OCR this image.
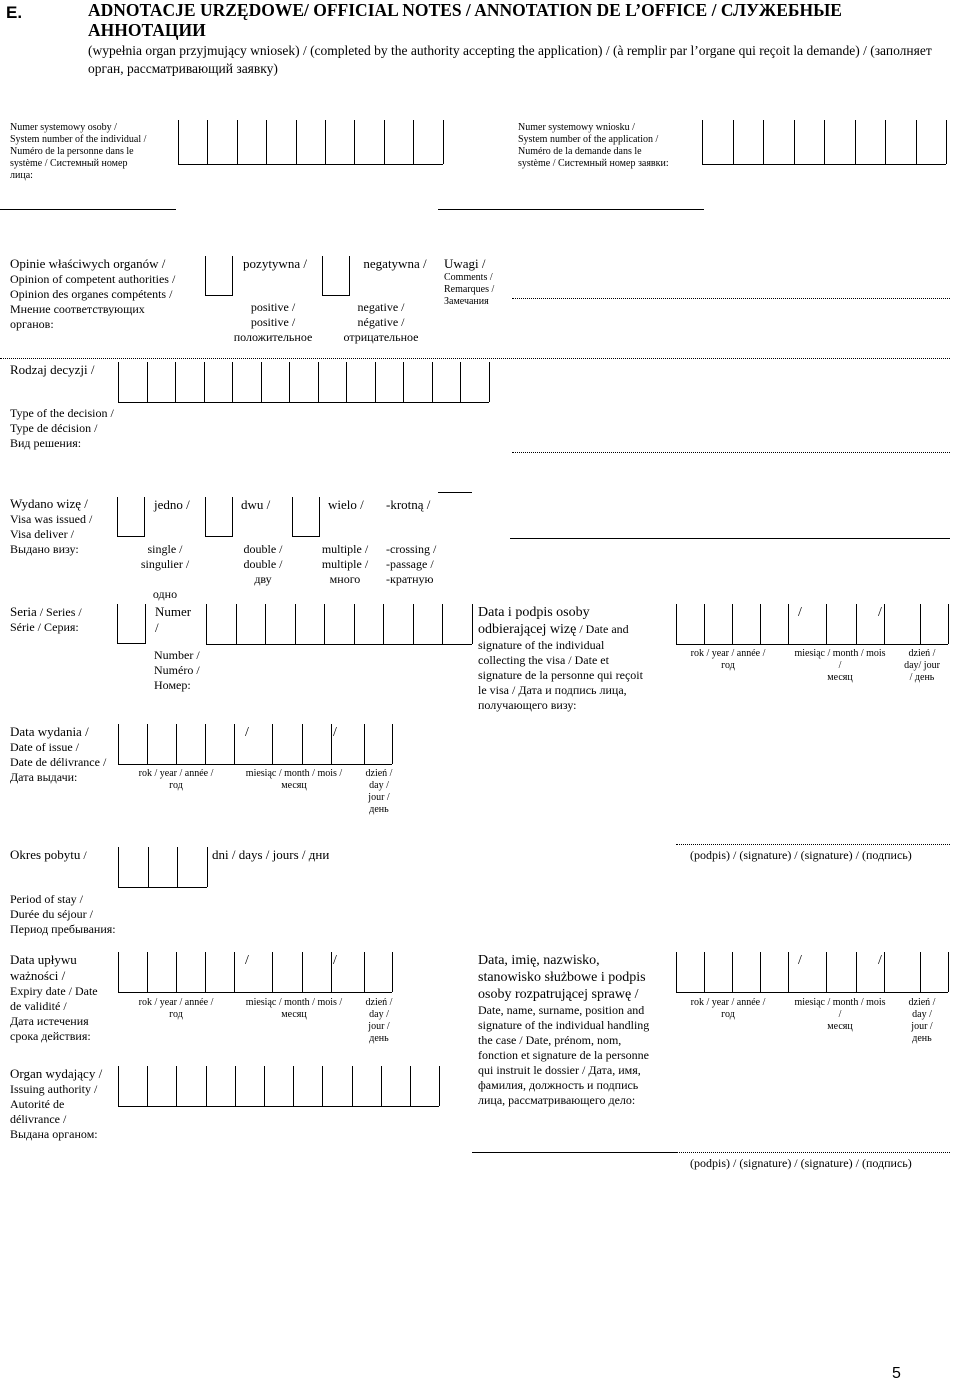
E.	ADNOTACJE URZĘDOWE/ OFFICIAL NOTES / ANNOTATION DE L’OFFICE / СЛУЖЕБНЫЕ АННОТАЦИИ
(wypełnia organ przyjmujący wniosek) / (completed by the authority accepting the application) / (à remplir par l’organe qui reçoit la demande) / (заполняет орган, рассматривающий заявку)
Numer systemowy osoby /
System number of the individual /
Numéro de la personne dans le
système / Системный номер
лица:
Numer systemowy wniosku /
System number of the application /
Numéro de la demande dans le
système / Системный номер заявки:
Opinie właściwych organów /
Opinion of competent authorities /
Opinion des organes compétents /
Мнение соответствующих
органов:
pozytywna /
positive /
positive /
положительное
negatywna /
negative /
négative /
отрицательное
Uwagi /
Comments /
Remarques /
Замечания
Rodzaj decyzji /
Type of the decision /
Type de décision /
Вид решения:
Wydano wizę /
Visa was issued /
Visa deliver /
Выдано визу:
jedno /
single /
singulier /

одно
dwu /
double /
double /
дву
wielo /
multiple /
multiple /
много
-krotną /
-crossing /
-passage /
-кратную
Seria / Series /
Série / Серия:
Numer
/
Number /
Numéro /
Номер:
Data i podpis osoby
odbierającej wizę / Date and
signature of the individual
collecting the visa / Date et
signature de la personne qui reçoit
le visa / Дата и подпись лица,
получающего визу:
/	/
rok / year / année /
год
miesiąc / month / mois /
месяц
dzień /
day/ jour
/ день
Data wydania /
Date of issue /
Date de délivrance /
Дата выдачи:
/	/
rok / year / année /
год
miesiąc / month / mois /
месяц
dzień /
day /
jour /
день
Okres pobytu /	dni / days / jours / дни
Period of stay /
Durée du séjour /
Период пребывания:
(podpis) / (signature) / (signature) / (подпись)
Data upływu
ważności /
Expiry date / Date
de validité /
Дата истечения
срока действия:
/	/
rok / year / année /
год
miesiąc / month / mois /
месяц
dzień /
day /
jour /
день
Data, imię, nazwisko,
stanowisko służbowe i podpis
osoby rozpatrującej sprawę /
Date, name, surname, position and
signature of the individual handling
the case / Date, prénom, nom,
fonction et signature de la personne
qui instruit le dossier / Дата, имя,
фамилия, должность и подпись
лица, рассматривающего дело:
/	/
rok / year / année /
год
miesiąc / month / mois /
месяц
dzień /
day /
jour /
день
Organ wydający /
Issuing authority /
Autorité de
délivrance /
Выдана органом:
(podpis) / (signature) / (signature) / (подпись)
5
